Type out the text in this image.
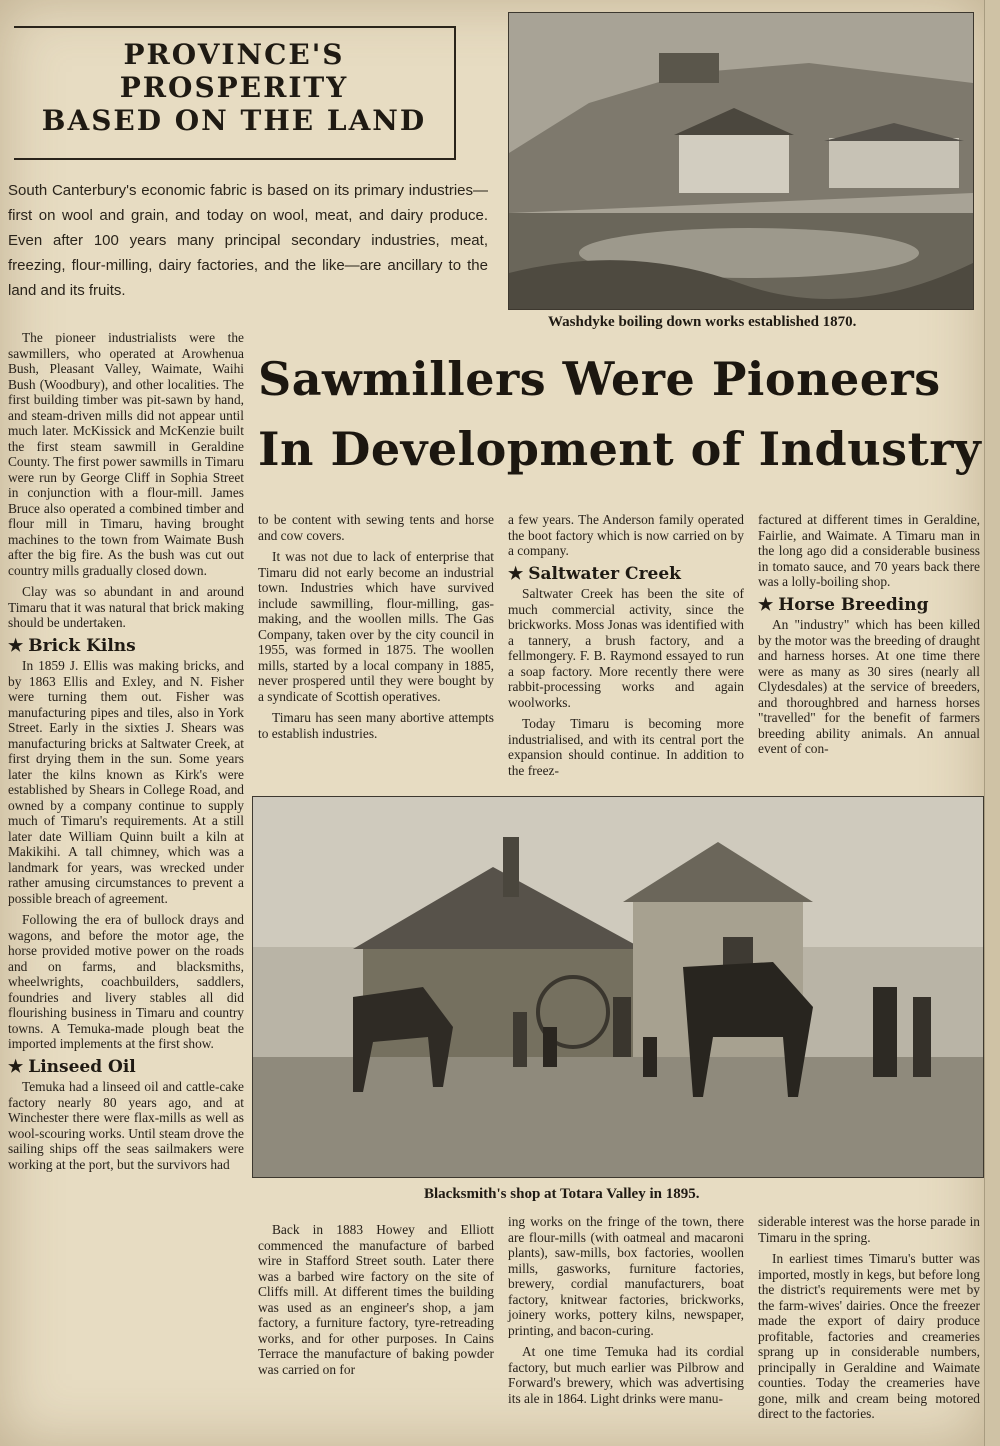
PROVINCE'S PROSPERITY
BASED ON THE LAND
South Canterbury's economic fabric is based on its primary industries—first on wool and grain, and today on wool, meat, and dairy produce. Even after 100 years many principal secondary industries, meat, freezing, flour-milling, dairy factories, and the like—are ancillary to the land and its fruits.
Washdyke boiling down works established 1870.
Sawmillers Were Pioneers
In Development of Industry

The pioneer industrialists were the sawmillers, who operated at Arowhenua Bush, Pleasant Valley, Waimate, Waihi Bush (Woodbury), and other localities. The first building timber was pit-sawn by hand, and steam-driven mills did not appear until much later. McKissick and McKenzie built the first steam sawmill in Geraldine County. The first power sawmills in Timaru were run by George Cliff in Sophia Street in conjunction with a flour-mill. James Bruce also operated a combined timber and flour mill in Timaru, having brought machines to the town from Waimate Bush after the big fire. As the bush was cut out country mills gradually closed down.

Clay was so abundant in and around Timaru that it was natural that brick making should be undertaken.

★ Brick Kilns

In 1859 J. Ellis was making bricks, and by 1863 Ellis and Exley, and N. Fisher were turning them out. Fisher was manufacturing pipes and tiles, also in York Street. Early in the sixties J. Shears was manufacturing bricks at Saltwater Creek, at first drying them in the sun. Some years later the kilns known as Kirk's were established by Shears in College Road, and owned by a company continue to supply much of Timaru's requirements. At a still later date William Quinn built a kiln at Makikihi. A tall chimney, which was a landmark for years, was wrecked under rather amusing circumstances to prevent a possible breach of agreement.

Following the era of bullock drays and wagons, and before the motor age, the horse provided motive power on the roads and on farms, and blacksmiths, wheelwrights, coachbuilders, saddlers, foundries and livery stables all did flourishing business in Timaru and country towns. A Temuka-made plough beat the imported implements at the first show.

★ Linseed Oil

Temuka had a linseed oil and cattle-cake factory nearly 80 years ago, and at Winchester there were flax-mills as well as wool-scouring works. Until steam drove the sailing ships off the seas sailmakers were working at the port, but the survivors had

to be content with sewing tents and horse and cow covers.

It was not due to lack of enterprise that Timaru did not early become an industrial town. Industries which have survived include sawmilling, flour-milling, gas-making, and the woollen mills. The Gas Company, taken over by the city council in 1955, was formed in 1875. The woollen mills, started by a local company in 1885, never prospered until they were bought by a syndicate of Scottish operatives.

Timaru has seen many abortive attempts to establish industries.

a few years. The Anderson family operated the boot factory which is now carried on by a company.

★ Saltwater Creek

Saltwater Creek has been the site of much commercial activity, since the brickworks. Moss Jonas was identified with a tannery, a brush factory, and a fellmongery. F. B. Raymond essayed to run a soap factory. More recently there were rabbit-processing works and again woolworks.

Today Timaru is becoming more industrialised, and with its central port the expansion should continue. In addition to the freez-

factured at different times in Geraldine, Fairlie, and Waimate. A Timaru man in the long ago did a considerable business in tomato sauce, and 70 years back there was a lolly-boiling shop.

★ Horse Breeding

An "industry" which has been killed by the motor was the breeding of draught and harness horses. At one time there were as many as 30 sires (nearly all Clydesdales) at the service of breeders, and thoroughbred and harness horses "travelled" for the benefit of farmers breeding ability animals. An annual event of con-

Blacksmith's shop at Totara Valley in 1895.

Back in 1883 Howey and Elliott commenced the manufacture of barbed wire in Stafford Street south. Later there was a barbed wire factory on the site of Cliffs mill. At different times the building was used as an engineer's shop, a jam factory, a furniture factory, tyre-retreading works, and for other purposes. In Cains Terrace the manufacture of baking powder was carried on for

ing works on the fringe of the town, there are flour-mills (with oatmeal and macaroni plants), saw-mills, box factories, woollen mills, gasworks, furniture factories, brewery, cordial manufacturers, boat factory, knitwear factories, brickworks, joinery works, pottery kilns, newspaper, printing, and bacon-curing.

At one time Temuka had its cordial factory, but much earlier was Pilbrow and Forward's brewery, which was advertising its ale in 1864. Light drinks were manu-

siderable interest was the horse parade in Timaru in the spring.

In earliest times Timaru's butter was imported, mostly in kegs, but before long the district's requirements were met by the farm-wives' dairies. Once the freezer made the export of dairy produce profitable, factories and creameries sprang up in considerable numbers, principally in Geraldine and Waimate counties. Today the creameries have gone, milk and cream being motored direct to the factories.
